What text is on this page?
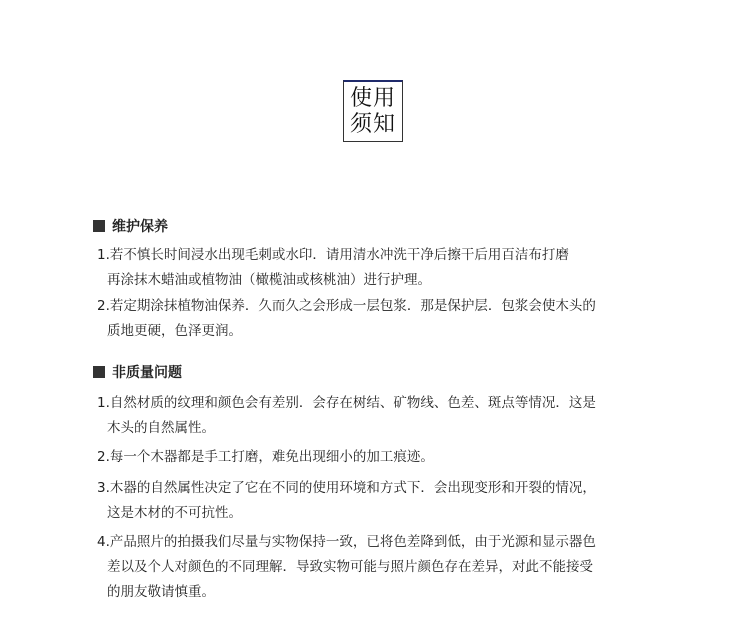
使用
须知
维护保养
1.若不慎长时间浸水出现毛刺或水印．请用清水冲洗干净后擦干后用百洁布打磨
再涂抹木蜡油或植物油（橄榄油或核桃油）进行护理。
2.若定期涂抹植物油保养．久而久之会形成一层包浆．那是保护层．包浆会使木头的
质地更硬，色泽更润。
非质量问题
1.自然材质的纹理和颜色会有差别．会存在树结、矿物线、色差、斑点等情况．这是
木头的自然属性。
2.每一个木器都是手工打磨，难免出现细小的加工痕迹。
3.木器的自然属性决定了它在不同的使用环境和方式下．会出现变形和开裂的情况，
这是木材的不可抗性。
4.产品照片的拍摄我们尽量与实物保持一致，已将色差降到低，由于光源和显示器色
差以及个人对颜色的不同理解．导致实物可能与照片颜色存在差异，对此不能接受
的朋友敬请慎重。
